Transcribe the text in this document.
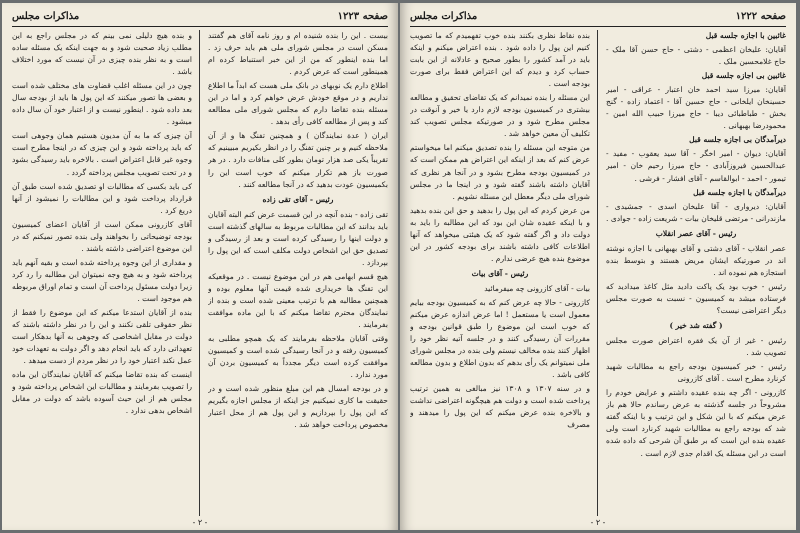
صفحه ۱۲۲۳
مذاکرات مجلس

بیست . این را بنده شنیده ام و روز نامه آقای هم گفتند مسکن است در مجلس شورای ملی هم باید حرف زد . اما بنده اینطور که من از این خبر استنباط کرده ام همینطور است که عرض کردم .

اطلاع دارم یک نوبهای در بانک ملی هست که ابداً ما اطلاع نداریم و در موقع خودش عرض خواهم کرد و اما در این مسئله بنده تقاضا دارم که مجلس شورای ملی مطالعه کند و پس از مطالعه کافی رأی بدهد .

ایران ( عدة نمایندگان ) و همچنین تفنگ ها و از آن ملاحظه کنیم و بر چنین تفنگ را در انظر بکیریم مبیینیم که تقریباً یکی صد هزار تومان بطور کلی منافات دارد . در هر صورت باز هم تکرار میکنم که خوب است این را بکمیسیون عودت بدهید که در آنجا مطالعه کنند .

رئیس - آقای تقی زاده

تقی زاده - بنده آنچه در این قسمت عرض کنم البته آقایان باید بدانند که این مطالبات مربوط به سالهای گذشته است و دولت اینها را رسیدگی کرده است و بعد از رسیدگی و تصدیق حق این اشخاص دولت مکلف است که این پول را بپردازد .

هیچ قسم ابهامی هم در این موضوع نیست . در موقعیکه این تفنگ ها خریداری شده قیمت آنها معلوم بوده و همچنین مطالبه هم با ترتیب معینی شده است و بنده از نمایندگان محترم تقاضا میکنم که با این ماده موافقت بفرمایند .

وقتی آقایان ملاحظه بفرمایند که یک همچو مطلبی به کمیسیون رفته و در آنجا رسیدگی شده است و کمیسیون موافقت کرده است دیگر مجدداً به کمیسیون بردن آن مورد ندارد .

و در بودجه امسال هم این مبلغ منظور شده است و در حقیقت ما کاری نمیکنیم جز اینکه از مجلس اجازه بگیریم که این پول را بپردازیم و این پول هم از محل اعتبار مخصوص پرداخت خواهد شد .

و بنده هیچ دلیلی نمی بینم که در مجلس راجع به این مطلب زیاد صحبت شود و به جهت اینکه یک مسئله ساده است و به نظر بنده چیزی در آن نیست که مورد اختلاف باشد .

چون در این مسئله اغلب قضاوت های مختلف شده است و بعضی ها تصور میکنند که این پول ها باید از بودجه سال بعد داده شود . اینطور نیست و از اعتبار خود آن سال داده میشود .

آن چیزی که ما به آن مدیون هستیم همان وجوهی است که باید پرداخته شود و این چیزی که در اینجا مطرح است وجوه غیر قابل اعتراض است . بالاخره باید رسیدگی بشود و در تحت تصویب مجلس پرداخته گردد .

کی باید بکسی که مطالبات او تصدیق شده است طبق آن قرارداد پرداخت شود و این مطالبات را نمیشود از آنها دریغ کرد .

آقای کازرونی ممکن است از آقایان اعضای کمیسیون بودجه توضیحاتی را بخواهند ولی بنده تصور نمیکنم که در این موضوع اعتراضی داشته باشند .

و مقداری از این وجوه پرداخته شده است و بقیه آنهم باید پرداخته شود و به هیچ وجه نمیتوان این مطالبه را رد کرد زیرا دولت مسئول پرداخت آن است و تمام اوراق مربوطه هم موجود است .

بنده از آقایان استدعا میکنم که این موضوع را فقط از نظر حقوقی تلقی نکنند و این را در نظر داشته باشند که دولت در مقابل اشخاصی که وجوهی به آنها بدهکار است تعهداتی دارد که باید انجام دهد و اگر دولت به تعهدات خود عمل نکند اعتبار خود را در نظر مردم از دست میدهد .

اینست که بنده تقاضا میکنم که آقایان نمایندگان این ماده را تصویب بفرمایند و مطالبات این اشخاص پرداخته شود و مجلس هم از این حیث آسوده باشد که دولت در مقابل اشخاص بدهی ندارد .

- ۲ -
صفحه ۱۲۲۲
مذاکرات مجلس

غائبین با اجازه جلسه قبل

آقایان: علیخان اعظمی - دشتی - حاج حسن آقا ملک - حاج غلامحسین ملک .

غائبین بی اجازه جلسه قبل

آقایان: میرزا سید احمد خان اعتبار - عراقی - امیر حسینخان ایلخانی - حاج حسین آقا - اعتماد زاده - گنج بخش - طباطبائی دیبا - حاج میرزا حبیب الله امین - محمودرضا بهبهانی .

دیرآمدگان بی اجازه جلسه قبل

آقایان: دیوان - امیر اخگر - آقا سید یعقوب - مفید - عبدالحسین فیروزآبادی - حاج میرزا رحیم خان - امیر تیمور - احمد - ابوالقاسم - آقای افشار - فرشی .

دیرآمدگان با اجازه جلسه قبل

آقایان: دیرواری - آقا علیخان اسدی - جمشیدی - مازندرانی - مرتضی قلیخان بیات - شریعت زاده - جوادی .

رئیس - آقای عصر انقلاب

عصر انقلاب - آقای دشتی و آقای بهبهانی با اجازه نوشته اند در صورتیکه ایشان مریض هستند و بتوسط بنده استجازه هم نموده اند .

رئیس - خوب بود یک پاکت دادید مثل کاغذ میدادید که فرستاده میشد به کمیسیون - نسبت به صورت مجلس دیگر اعتراضی نیست؟

( گفته شد خیر )

رئیس - غیر از آن یک فقره اعتراض صورت مجلس تصویب شد .

رئیس - خبر کمیسیون بودجه راجع به مطالبات شهید کرنارد مطرح است . آقای کازرونی

کازرونی - اگر چه بنده عقیده داشتم و عرایض خودم را مشروحاً در جلسه گذشته به عرض رساندم حالا هم باز عرض میکنم که با این شکل و این ترتیب و با اینکه گفته شد که بودجه راجع به مطالبات شهید کرنارد است ولی عقیده بنده این است که بر طبق آن شرحی که داده شده است در این مسئله یک اقدام جدی لازم است .

بنده نقاط نظری بکنند بنده خوب تفهمیدم که ما تصویب کنیم این پول را داده شود . بنده اعتراض میکنم و اینکه باید در آمد کشور را بطور صحیح و عادلانه از این بابت حساب کرد و دیدم که این اعتراض فقط برای صورت بودجه است .

این مسئله را بنده نمیدانم که یک تقاضای تحقیق و مطالعه بیشتری در کمیسیون بودجه لازم دارد یا خیر و آنوقت در مجلس مطرح شود و در صورتیکه مجلس تصویب کند تکلیف آن معین خواهد شد .

من متوجه این مسئله را بنده تصدیق میکنم اما میخواستم عرض کنم که بعد از اینکه این اعتراض هم ممکن است که در کمیسیون بودجه مطرح بشود و در آنجا هر نظری که آقایان داشته باشند گفته شود و در اینجا ما در مجلس شورای ملی دیگر معطل این مسئله نشویم .

من عرض کردم که این پول را بدهید و حق این بنده بدهید و با اینکه عقیده شان این بود که این مطالبه را باید به دولت داد و اگر گفته شود که یک هیئتی میخواهد که آنها اطلاعات کافی داشته باشند برای بودجه کشور در این موضوع بنده هیچ عرضی ندارم .

رئیس - آقای بیات

بیات - آقای کازرونی چه میفرمائید

کازرونی - حالا چه عرض کنم که به کمیسیون بودجه بیایم معمول است یا مستعمل ! اما عرض اندازه عرض میکنم که خوب است این موضوع را طبق قوانین بودجه و مقررات آن رسیدگی کنند و در جلسه آتیه نظر خود را اظهار کنند بنده مخالف نیستم ولی بنده در مجلس شورای ملی نمیتوانم یک رأی بدهم که بدون اطلاع و بدون مطالعه کافی باشد .

و در سنه ۱۳۰۷ و ۱۳۰۸ نیز مبالغی به همین ترتیب پرداخت شده است و دولت هم هیچگونه اعتراضی نداشت و بالاخره بنده عرض میکنم که این پول را میدهند و مصرف

- ۲ -
